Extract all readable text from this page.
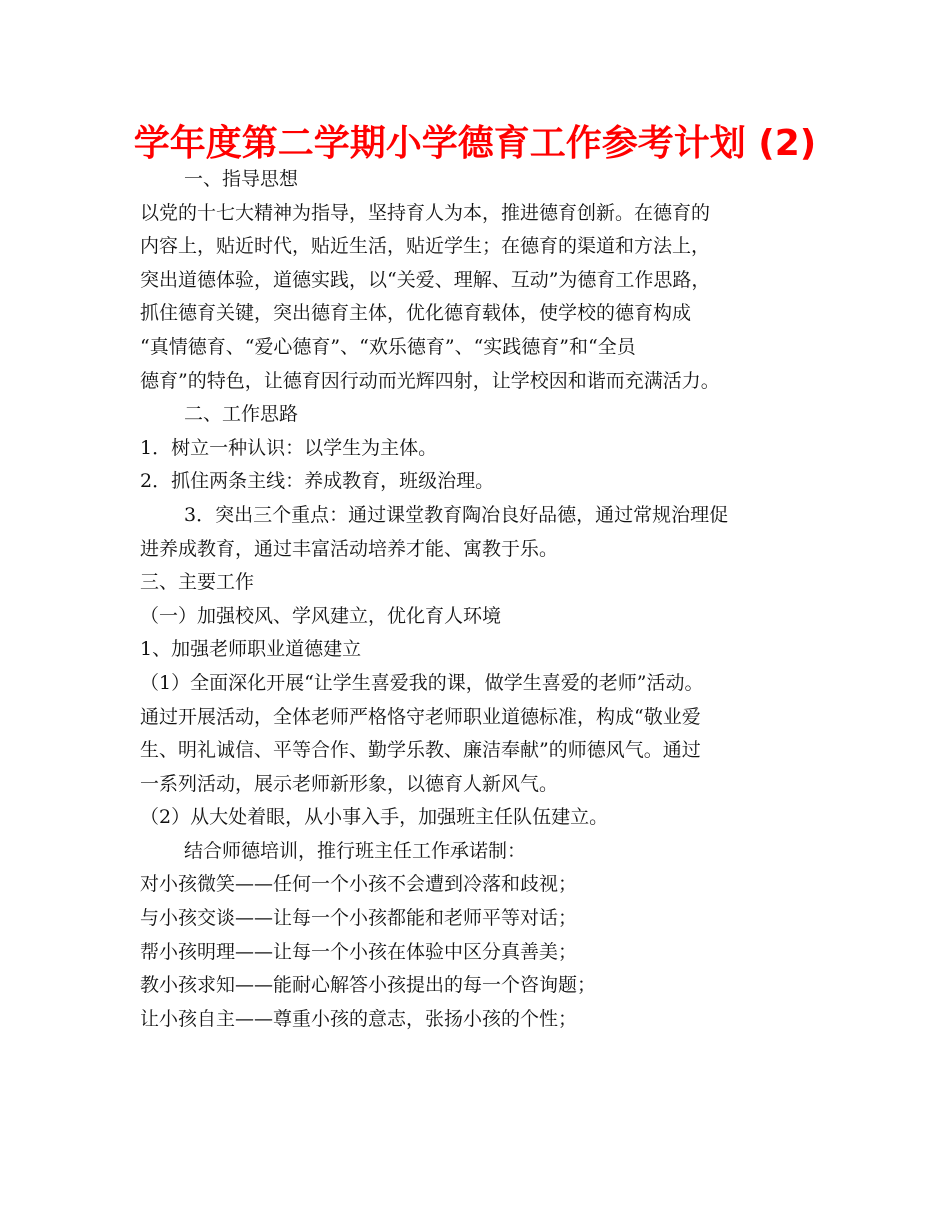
学年度第二学期小学德育工作参考计划 (2)
一、指导思想
以党的十七大精神为指导，坚持育人为本，推进德育创新。在德育的
内容上，贴近时代，贴近生活，贴近学生；在德育的渠道和方法上，
突出道德体验，道德实践，以“关爱、理解、互动”为德育工作思路，
抓住德育关键，突出德育主体，优化德育载体，使学校的德育构成
“真情德育、“爱心德育”、“欢乐德育”、“实践德育”和“全员
德育”的特色，让德育因行动而光辉四射，让学校因和谐而充满活力。
二、工作思路
1．树立一种认识：以学生为主体。
2．抓住两条主线：养成教育，班级治理。
3．突出三个重点：通过课堂教育陶冶良好品德，通过常规治理促
进养成教育，通过丰富活动培养才能、寓教于乐。
三、主要工作
（一）加强校风、学风建立，优化育人环境
1、加强老师职业道德建立
（1）全面深化开展“让学生喜爱我的课，做学生喜爱的老师”活动。
通过开展活动，全体老师严格恪守老师职业道德标准，构成“敬业爱
生、明礼诚信、平等合作、勤学乐教、廉洁奉献”的师德风气。通过
一系列活动，展示老师新形象，以德育人新风气。
（2）从大处着眼，从小事入手，加强班主任队伍建立。
结合师德培训，推行班主任工作承诺制：
对小孩微笑——任何一个小孩不会遭到冷落和歧视；
与小孩交谈——让每一个小孩都能和老师平等对话；
帮小孩明理——让每一个小孩在体验中区分真善美；
教小孩求知——能耐心解答小孩提出的每一个咨询题；
让小孩自主——尊重小孩的意志，张扬小孩的个性；
